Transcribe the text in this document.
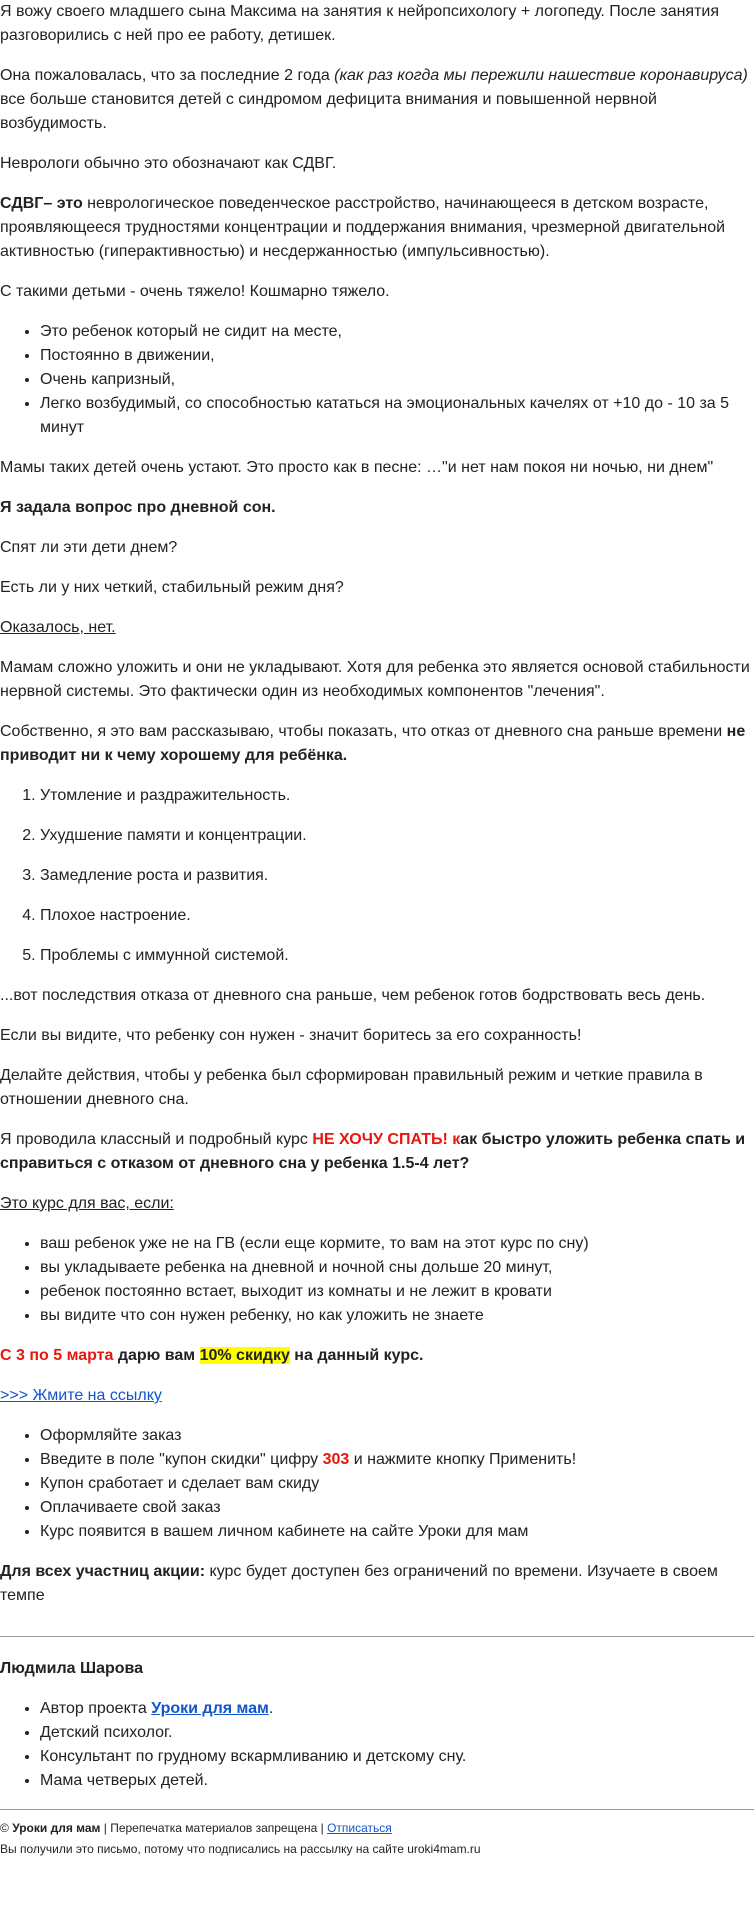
Я вожу своего младшего сына Максима на занятия к нейропсихологу + логопеду. После занятия разговорились с ней про ее работу, детишек.

Она пожаловалась, что за последние 2 года (как раз когда мы пережили нашествие коронавируса) все больше становится детей с синдромом дефицита внимания и повышенной нервной возбудимость.

Неврологи обычно это обозначают как СДВГ.

СДВГ– это неврологическое поведенческое расстройство, начинающееся в детском возрасте, проявляющееся трудностями концентрации и поддержания внимания, чрезмерной двигательной активностью (гиперактивностью) и несдержанностью (импульсивностью).

С такими детьми - очень тяжело! Кошмарно тяжело.

• Это ребенок который не сидит на месте,
• Постоянно в движении,
• Очень капризный,
• Легко возбудимый, со способностью кататься на эмоциональных качелях от +10 до - 10 за 5 минут

Мамы таких детей очень устают. Это просто как в песне: …"и нет нам покоя ни ночью, ни днем"

Я задала вопрос про дневной сон.

Спят ли эти дети днем?

Есть ли у них четкий, стабильный режим дня?

Оказалось, нет.

Мамам сложно уложить и они не укладывают. Хотя для ребенка это является основой стабильности нервной системы. Это фактически один из необходимых компонентов "лечения".

Собственно, я это вам рассказываю, чтобы показать, что отказ от дневного сна раньше времени не приводит ни к чему хорошему для ребёнка.

1. Утомление и раздражительность.
2. Ухудшение памяти и концентрации.
3. Замедление роста и развития.
4. Плохое настроение.
5. Проблемы с иммунной системой.

...вот последствия отказа от дневного сна раньше, чем ребенок готов бодрствовать весь день.

Если вы видите, что ребенку сон нужен - значит боритесь за его сохранность!

Делайте действия, чтобы у ребенка был сформирован правильный режим и четкие правила в отношении дневного сна.

Я проводила классный и подробный курс НЕ ХОЧУ СПАТЬ! как быстро уложить ребенка спать и справиться с отказом от дневного сна у ребенка 1.5-4 лет?

Это курс для вас, если:

• ваш ребенок уже не на ГВ (если еще кормите, то вам на этот курс по сну)
• вы укладываете ребенка на дневной и ночной сны дольше 20 минут,
• ребенок постоянно встает, выходит из комнаты и не лежит в кровати
• вы видите что сон нужен ребенку, но как уложить не знаете

С 3 по 5 марта дарю вам 10% скидку на данный курс.

>>> Жмите на ссылку

• Оформляйте заказ
• Введите в поле "купон скидки" цифру 303 и нажмите кнопку Применить!
• Купон сработает и сделает вам скиду
• Оплачиваете свой заказ
• Курс появится в вашем личном кабинете на сайте Уроки для мам

Для всех участниц акции: курс будет доступен без ограничений по времени. Изучаете в своем темпе

Людмила Шарова

• Автор проекта Уроки для мам.
• Детский психолог.
• Консультант по грудному вскармливанию и детскому сну.
• Мама четверых детей.

© Уроки для мам | Перепечатка материалов запрещена | Отписаться

Вы получили это письмо, потому что подписались на рассылку на сайте uroki4mam.ru
